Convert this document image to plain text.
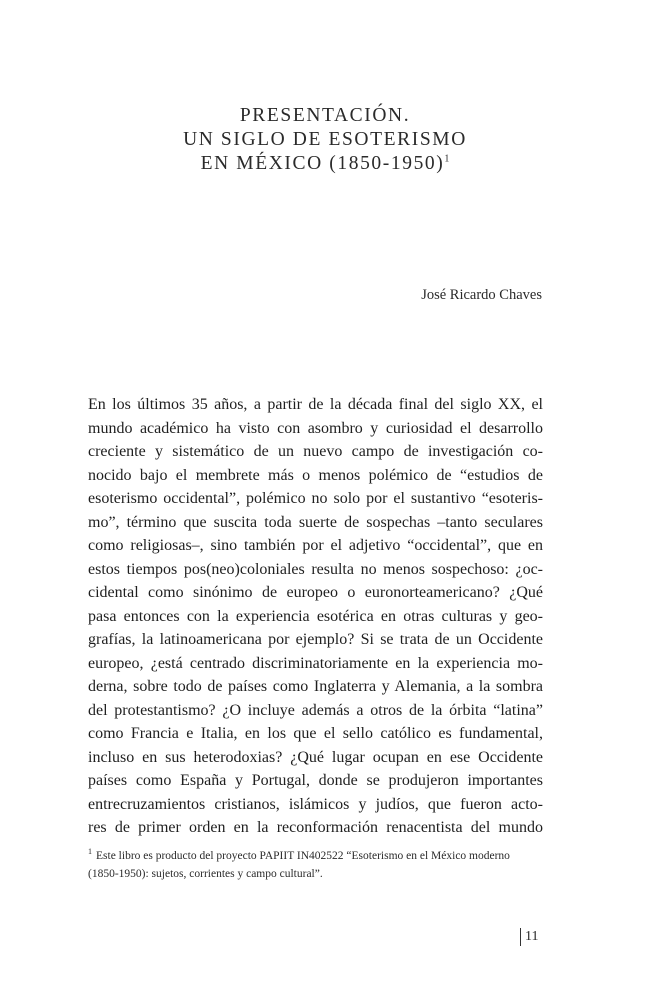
PRESENTACIÓN.
UN SIGLO DE ESOTERISMO
EN MÉXICO (1850-1950)$^1$
José Ricardo Chaves
En los últimos 35 años, a partir de la década final del siglo XX, el
mundo académico ha visto con asombro y curiosidad el desarrollo
creciente y sistemático de un nuevo campo de investigación co-
nocido bajo el membrete más o menos polémico de “estudios de
esoterismo occidental”, polémico no solo por el sustantivo “esoteris-
mo”, término que suscita toda suerte de sospechas –tanto seculares
como religiosas–, sino también por el adjetivo “occidental”, que en
estos tiempos pos(neo)coloniales resulta no menos sospechoso: ¿oc-
cidental como sinónimo de europeo o euronorteamericano? ¿Qué
pasa entonces con la experiencia esotérica en otras culturas y geo-
grafías, la latinoamericana por ejemplo? Si se trata de un Occidente
europeo, ¿está centrado discriminatoriamente en la experiencia mo-
derna, sobre todo de países como Inglaterra y Alemania, a la sombra
del protestantismo? ¿O incluye además a otros de la órbita “latina”
como Francia e Italia, en los que el sello católico es fundamental,
incluso en sus heterodoxias? ¿Qué lugar ocupan en ese Occidente
países como España y Portugal, donde se produjeron importantes
entrecruzamientos cristianos, islámicos y judíos, que fueron acto-
res de primer orden en la reconformación renacentista del mundo
$^1$ Este libro es producto del proyecto PAPIIT IN402522 “Esoterismo en el México moderno
(1850-1950): sujetos, corrientes y campo cultural”.
11
